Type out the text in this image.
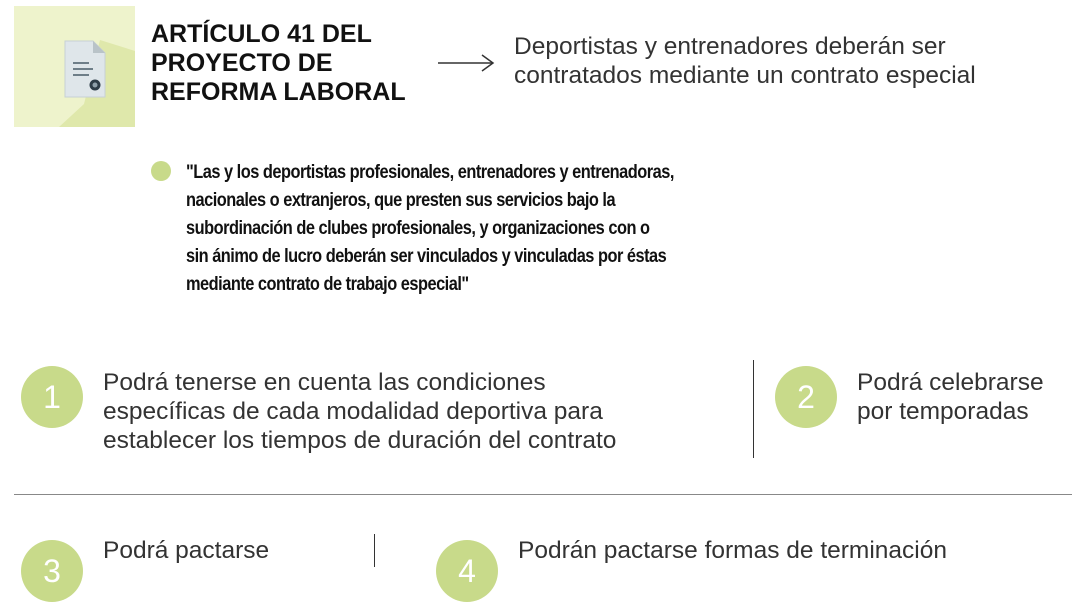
ARTÍCULO 41 DEL
PROYECTO DE
REFORMA LABORAL
Deportistas y entrenadores deberán ser
contratados mediante un contrato especial
"Las y los deportistas profesionales, entrenadores y entrenadoras,
nacionales o extranjeros, que presten sus servicios bajo la
subordinación de clubes profesionales, y organizaciones con o
sin ánimo de lucro deberán ser vinculados y vinculadas por éstas
mediante contrato de trabajo especial"
1	Podrá tenerse en cuenta las condiciones
específicas de cada modalidad deportiva para
establecer los tiempos de duración del contrato
2	Podrá celebrarse
por temporadas
3
Podrá pactarse
4
Podrán pactarse formas de terminación
